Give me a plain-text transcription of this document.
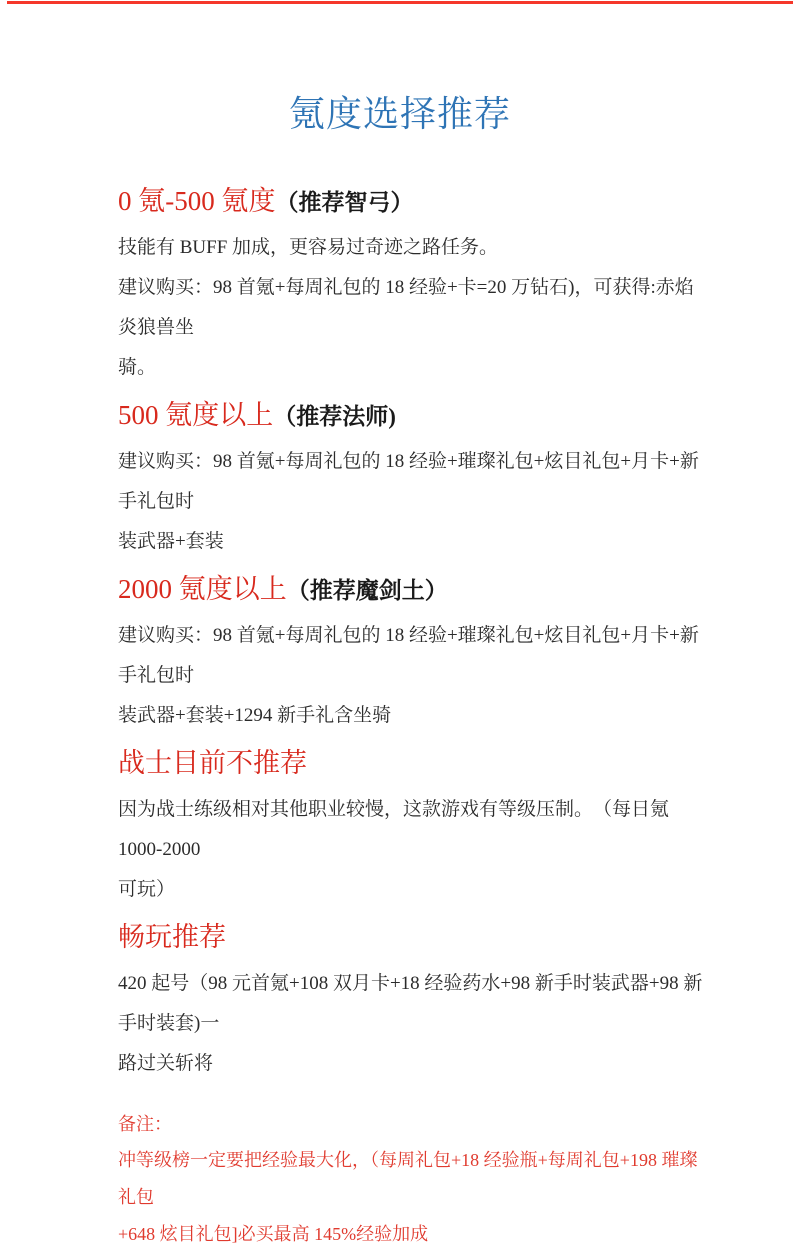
氪度选择推荐
0 氪-500 氪度（推荐智弓）
技能有 BUFF 加成，更容易过奇迹之路任务。
建议购买：98 首氪+每周礼包的 18 经验+卡=20 万钻石)，可获得:赤焰炎狼兽坐
骑。
500 氪度以上（推荐法师)
建议购买：98 首氪+每周礼包的 18 经验+璀璨礼包+炫目礼包+月卡+新手礼包时
装武器+套装
2000 氪度以上（推荐魔剑土）
建议购买：98 首氪+每周礼包的 18 经验+璀璨礼包+炫目礼包+月卡+新手礼包时
装武器+套装+1294 新手礼含坐骑
战士目前不推荐
因为战士练级相对其他职业较慢，这款游戏有等级压制。　（每日氪 1000-2000
可玩）
畅玩推荐
420 起号（98 元首氪+108 双月卡+18 经验药水+98 新手时装武器+98 新手时装套)一
路过关斩将
备注：
冲等级榜一定要把经验最大化，（每周礼包+18 经验瓶+每周礼包+198 璀璨礼包
+648 炫目礼包]必买最高 145%经验加成
